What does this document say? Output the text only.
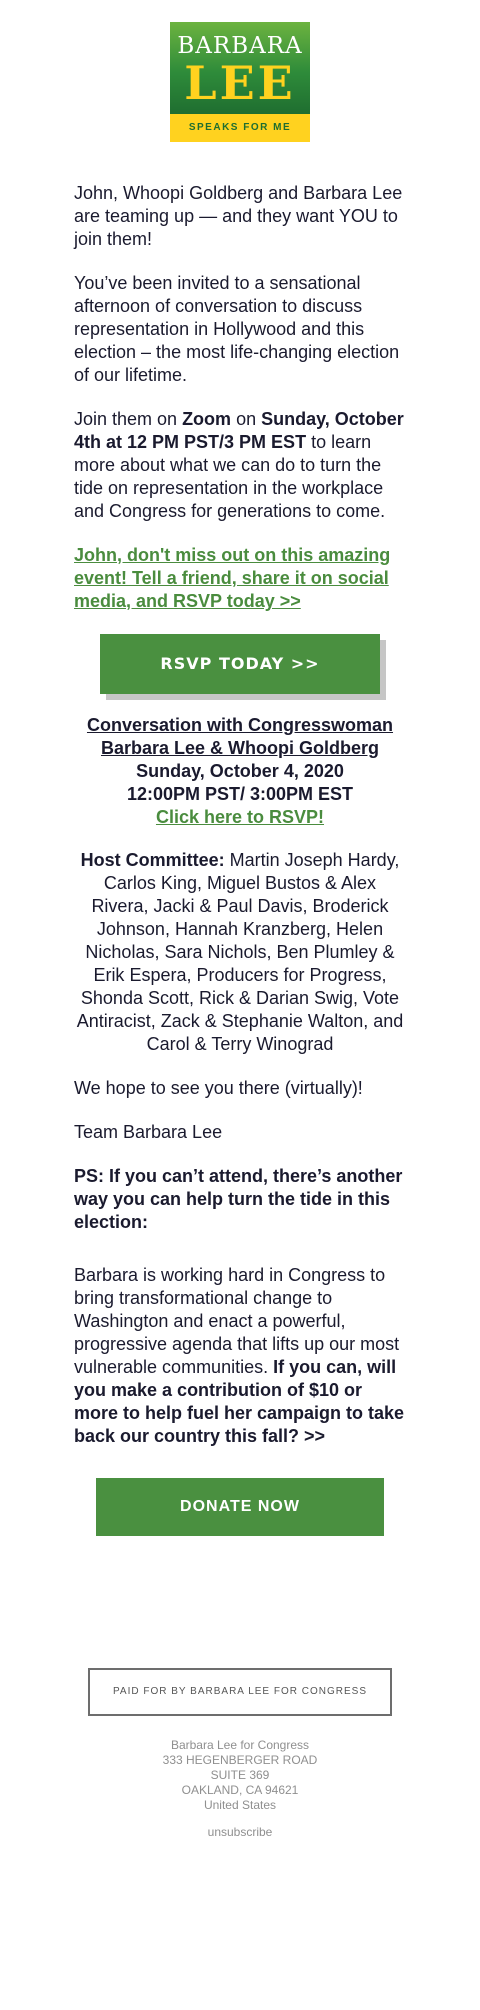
BARBARA
LEE
SPEAKS FOR ME

John, Whoopi Goldberg and Barbara Lee are teaming up — and they want YOU to join them!

You’ve been invited to a sensational afternoon of conversation to discuss representation in Hollywood and this election – the most life-changing election of our lifetime.

Join them on Zoom on Sunday, October 4th at 12 PM PST/3 PM EST to learn more about what we can do to turn the tide on representation in the workplace and Congress for generations to come.

John, don't miss out on this amazing event! Tell a friend, share it on social media, and RSVP today >>

RSVP TODAY >>
Conversation with Congresswoman
Barbara Lee & Whoopi Goldberg
Sunday, October 4, 2020
12:00PM PST/ 3:00PM EST
Click here to RSVP!
Host Committee: Martin Joseph Hardy, Carlos King, Miguel Bustos & Alex Rivera, Jacki & Paul Davis, Broderick Johnson, Hannah Kranzberg, Helen Nicholas, Sara Nichols, Ben Plumley & Erik Espera, Producers for Progress, Shonda Scott, Rick & Darian Swig, Vote Antiracist, Zack & Stephanie Walton, and Carol & Terry Winograd

We hope to see you there (virtually)!

Team Barbara Lee

PS: If you can’t attend, there’s another way you can help turn the tide in this election:

Barbara is working hard in Congress to bring transformational change to Washington and enact a powerful, progressive agenda that lifts up our most vulnerable communities. If you can, will you make a contribution of $10 or more to help fuel her campaign to take back our country this fall? >>

DONATE NOW
PAID FOR BY BARBARA LEE FOR CONGRESS
Barbara Lee for Congress
333 HEGENBERGER ROAD
SUITE 369
OAKLAND, CA 94621
United States
unsubscribe
